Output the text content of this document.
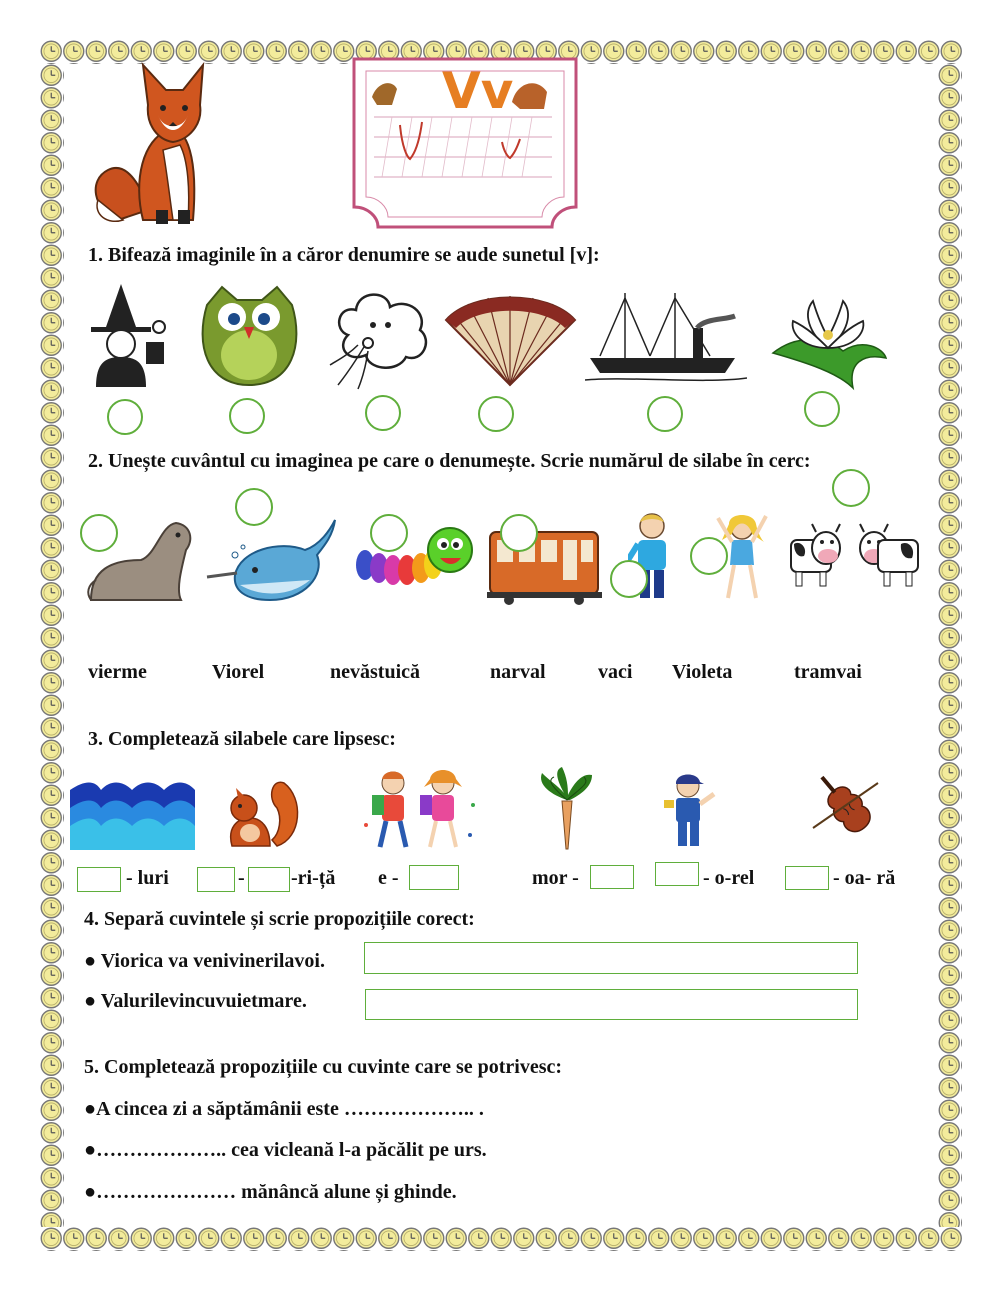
Vv
1. Bifează imaginile în a căror denumire se aude sunetul [v]:
2. Unește cuvântul cu imaginea pe care o denumește. Scrie numărul de silabe în cerc:
vierme	Viorel	nevăstuică	narval	vaci Violeta	tramvai
3. Completează silabele care lipsesc:
- luri	- -ri-ță e -	mor -	- o-rel	- oa- ră
4. Separă cuvintele și scrie propozițiile corect:
● Viorica va venivinerilavoi.
● Valurilevincuvuietmare.
5. Completează propozițiile cu cuvinte care se potrivesc:
●A cincea zi a săptămânii este ……………….. .
●……………….. cea vicleană l-a păcălit pe urs.
●………………… mănâncă alune și ghinde.
